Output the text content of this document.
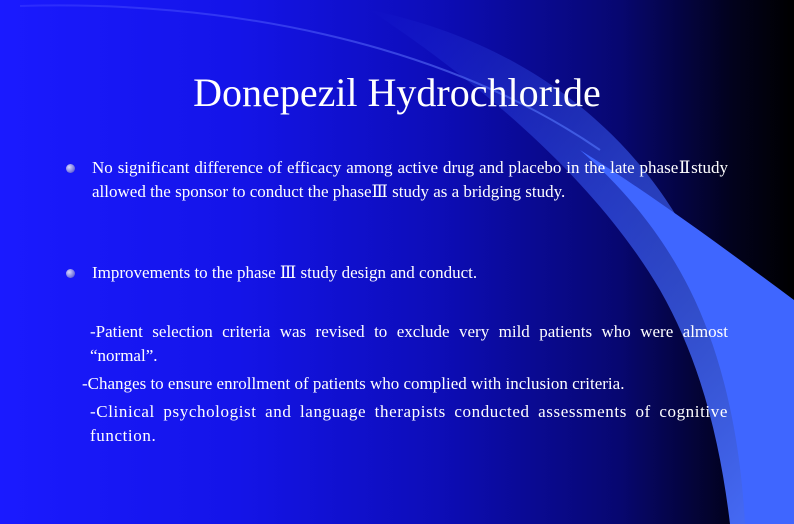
Donepezil Hydrochloride
No significant difference of efficacy among active drug and placebo in the late phaseⅡstudy allowed the sponsor to conduct the phaseⅢ study as a bridging study.
Improvements to the phase Ⅲ study design and conduct.
-Patient selection criteria was revised to exclude very mild patients who were almost “normal”.
-Changes to ensure enrollment of patients who complied with inclusion criteria.
-Clinical psychologist and language therapists conducted assessments of cognitive function.
